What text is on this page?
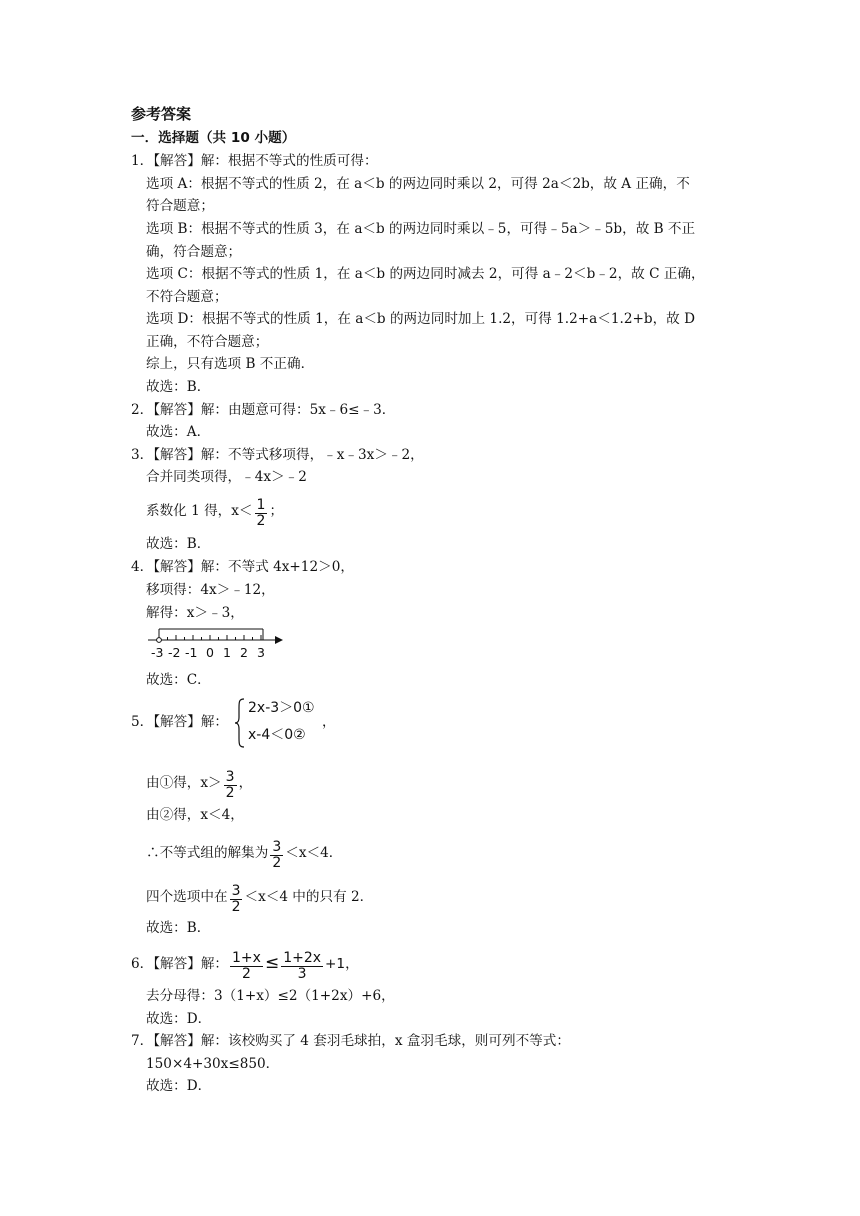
参考答案
一．选择题（共 10 小题）
1．【解答】解：根据不等式的性质可得：
选项 A：根据不等式的性质 2，在 a＜b 的两边同时乘以 2，可得 2a＜2b，故 A 正确，不
符合题意；
选项 B：根据不等式的性质 3，在 a＜b 的两边同时乘以﹣5，可得﹣5a＞﹣5b，故 B 不正
确，符合题意；
选项 C：根据不等式的性质 1，在 a＜b 的两边同时减去 2，可得 a﹣2＜b﹣2，故 C 正确，
不符合题意；
选项 D：根据不等式的性质 1，在 a＜b 的两边同时加上 1.2，可得 1.2+a＜1.2+b，故 D
正确，不符合题意；
综上，只有选项 B 不正确．
故选：B．
2．【解答】解：由题意可得：5x﹣6≤﹣3．
故选：A．
3．【解答】解：不等式移项得，﹣x﹣3x＞﹣2，
合并同类项得，﹣4x＞﹣2
系数化 1 得，$x< \frac{1}{2}$ ；
故选：B．
4．【解答】解：不等式 4x+12＞0，
移项得：4x＞﹣12，
解得：x＞﹣3，
-3 -2 -1 0 1 2 3
故选：C．
5．【解答】解：
2x-3＞0①
x-4＜0②
，
由①得，$x> \frac{3}{2}$ ，
由②得，x＜4，
∴不等式组的解集为 $\frac{3}{2} <x<4$．
四个选项中在 $\frac{3}{2} <x<4$ 中的只有 2．
故选：B．
6．【解答】解： $\frac{1+x}{2} \le \frac{1+2x}{3} +1$，
去分母得：3（1+x）≤2（1+2x）+6，
故选：D．
7．【解答】解：该校购买了 4 套羽毛球拍，x 盒羽毛球，则可列不等式：
150×4+30x≤850．
故选：D．
